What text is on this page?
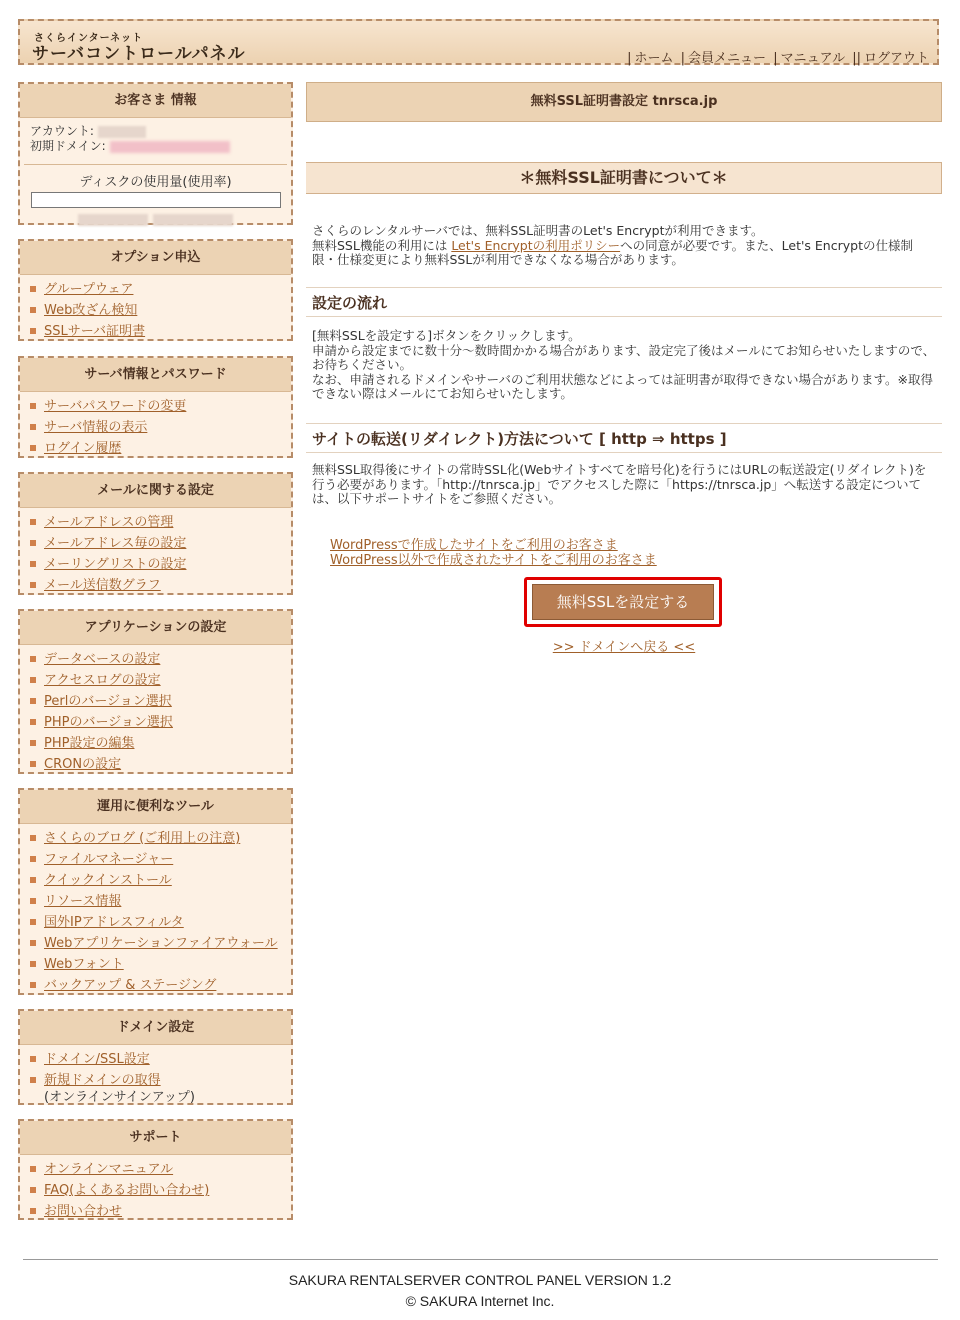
さくらインターネット
サーバコントロールパネル	| ホーム | 会員メニュー | マニュアル || ログアウト
お客さま 情報
アカウント:
初期ドメイン:
ディスクの使用量(使用率)

オプション申込
グループウェア
Web改ざん検知
SSLサーバ証明書
サーバ情報とパスワード
サーバパスワードの変更
サーバ情報の表示
ログイン履歴
メールに関する設定
メールアドレスの管理
メールアドレス毎の設定
メーリングリストの設定
メール送信数グラフ
アプリケーションの設定
データベースの設定
アクセスログの設定
Perlのバージョン選択
PHPのバージョン選択
PHP設定の編集
CRONの設定
運用に便利なツール
さくらのブログ (ご利用上の注意)
ファイルマネージャー
クイックインストール
リソース情報
国外IPアドレスフィルタ
Webアプリケーションファイアウォール
Webフォント
バックアップ & ステージング
ドメイン設定
ドメイン/SSL設定
新規ドメインの取得
(オンラインサインアップ)
サポート
オンラインマニュアル
FAQ(よくあるお問い合わせ)
お問い合わせ
無料SSL証明書設定 tnrsca.jp
＊無料SSL証明書について＊
さくらのレンタルサーバでは、無料SSL証明書のLet's Encryptが利用できます。
無料SSL機能の利用には Let's Encryptの利用ポリシーへの同意が必要です。また、Let's Encryptの仕様制限・仕様変更により無料SSLが利用できなくなる場合があります。
設定の流れ
[無料SSLを設定する]ボタンをクリックします。
申請から設定までに数十分〜数時間かかる場合があります、設定完了後はメールにてお知らせいたしますので、お待ちください。
なお、申請されるドメインやサーバのご利用状態などによっては証明書が取得できない場合があります。※取得できない際はメールにてお知らせいたします。
サイトの転送(リダイレクト)方法について [ http ⇒ https ]
無料SSL取得後にサイトの常時SSL化(Webサイトすべてを暗号化)を行うにはURLの転送設定(リダイレクト)を行う必要があります。「http://tnrsca.jp」でアクセスした際に「https://tnrsca.jp」へ転送する設定については、以下サポートサイトをご参照ください。
WordPressで作成したサイトをご利用のお客さま
WordPress以外で作成されたサイトをご利用のお客さま
無料SSLを設定する
>> ドメインへ戻る <<
SAKURA RENTALSERVER CONTROL PANEL VERSION 1.2
© SAKURA Internet Inc.
